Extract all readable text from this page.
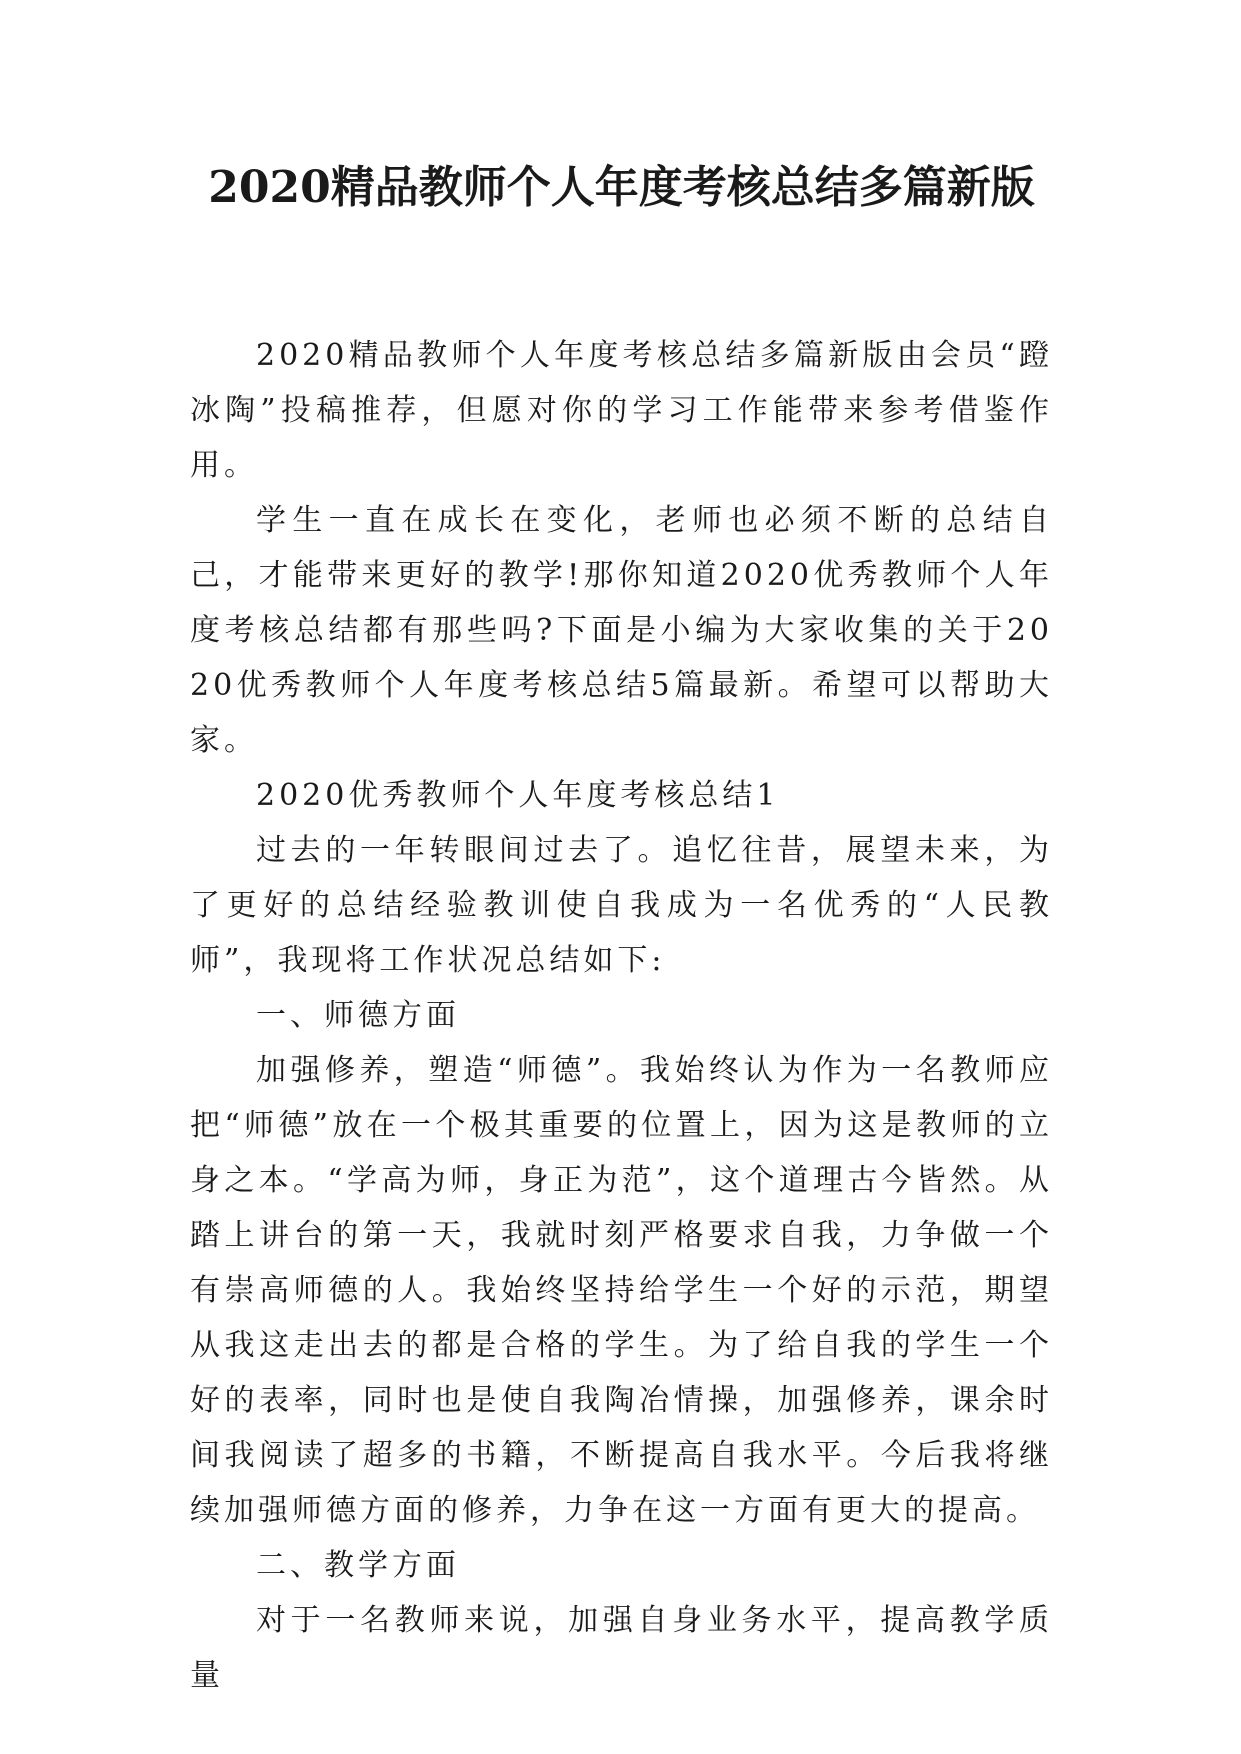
2020精品教师个人年度考核总结多篇新版

2020精品教师个人年度考核总结多篇新版由会员“蹬冰陶”投稿推荐，但愿对你的学习工作能带来参考借鉴作用。

学生一直在成长在变化，老师也必须不断的总结自己，才能带来更好的教学!那你知道2020优秀教师个人年度考核总结都有那些吗?下面是小编为大家收集的关于2020优秀教师个人年度考核总结5篇最新。希望可以帮助大家。

2020优秀教师个人年度考核总结1

过去的一年转眼间过去了。追忆往昔，展望未来，为了更好的总结经验教训使自我成为一名优秀的“人民教师”，我现将工作状况总结如下:

一、师德方面

加强修养，塑造“师德”。我始终认为作为一名教师应把“师德”放在一个极其重要的位置上，因为这是教师的立身之本。“学高为师，身正为范”，这个道理古今皆然。从踏上讲台的第一天，我就时刻严格要求自我，力争做一个有崇高师德的人。我始终坚持给学生一个好的示范，期望从我这走出去的都是合格的学生。为了给自我的学生一个好的表率，同时也是使自我陶冶情操，加强修养，课余时间我阅读了超多的书籍，不断提高自我水平。今后我将继续加强师德方面的修养，力争在这一方面有更大的提高。

二、教学方面

对于一名教师来说，加强自身业务水平，提高教学质量
